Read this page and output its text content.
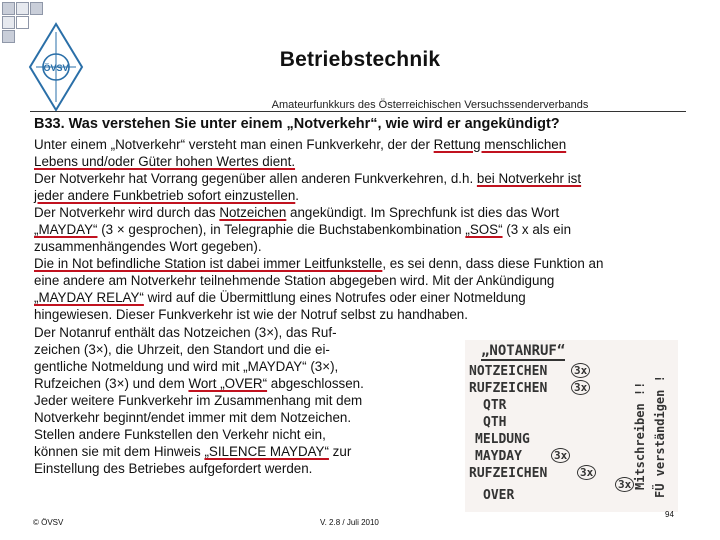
ÖVSV	Betriebstechnik
Amateurfunkkurs des Österreichischen Versuchssenderverbands
B33. Was verstehen Sie unter einem „Notverkehr“, wie wird er angekündigt?
Unter einem „Notverkehr“ versteht man einen Funkverkehr, der der Rettung menschlichen
Lebens und/oder Güter hohen Wertes dient.
Der Notverkehr hat Vorrang gegenüber allen anderen Funkverkehren, d.h. bei Notverkehr ist
jeder andere Funkbetrieb sofort einzustellen.
Der Notverkehr wird durch das Notzeichen angekündigt. Im Sprechfunk ist dies das Wort
„MAYDAY“ (3 × gesprochen), in Telegraphie die Buchstabenkombination „SOS“ (3 x als ein
zusammenhängendes Wort gegeben).
Die in Not befindliche Station ist dabei immer Leitfunkstelle, es sei denn, dass diese Funktion an
eine andere am Notverkehr teilnehmende Station abgegeben wird. Mit der Ankündigung
„MAYDAY RELAY“ wird auf die Übermittlung eines Notrufes oder einer Notmeldung
hingewiesen. Dieser Funkverkehr ist wie der Notruf selbst zu handhaben.
Der Notanruf enthält das Notzeichen (3×), das Ruf-
zeichen (3×), die Uhrzeit, den Standort und die ei-
gentliche Notmeldung und wird mit „MAYDAY“ (3×),
Rufzeichen (3×) und dem Wort „OVER“ abgeschlossen.
Jeder weitere Funkverkehr im Zusammenhang mit dem
Notverkehr beginnt/endet immer mit dem Notzeichen.
Stellen andere Funkstellen den Verkehr nicht ein,
können sie mit dem Hinweis „SILENCE MAYDAY“ zur
Einstellung des Betriebes aufgefordert werden.
„NOTANRUF“
NOTZEICHEN
RUFZEICHEN
QTR
QTH
MELDUNG
MAYDAY
RUFZEICHEN
OVER
3x
3x
3x
3x
3x Mitschreiben !! FÜ verständigen !
© ÖVSV	V. 2.8 / Juli 2010
94
